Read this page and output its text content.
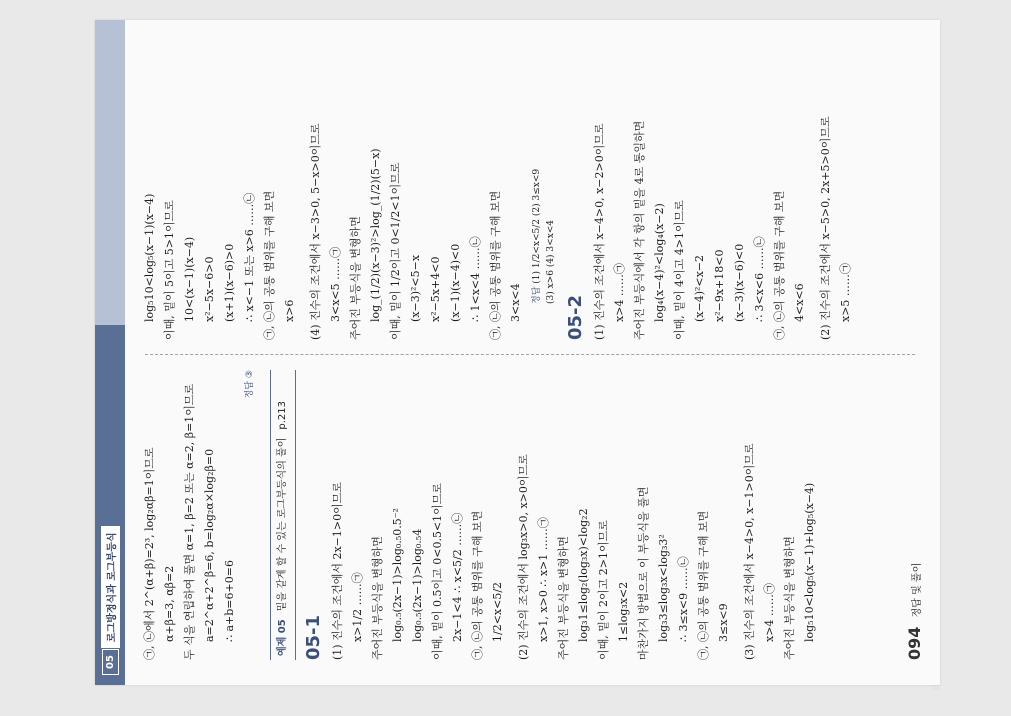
05
로그방정식과 로그부등식 ㉠, ㉡에서 2^(α+β)=2³, log₂αβ=1이므로 α+β=3, αβ=2 두 식을 연립하여 풀면 α=1, β=2 또는 α=2, β=1이므로 a=2^α+2^β=6, b=log₂α×log₂β=0 ∴ a+b=6+0=6
정답 ③
예제 05
밑을 같게 할 수 있는 로그부등식의 풀이
p.213
05-1 (1) 진수의 조건에서 2x−1>0이므로 x>1/2 ……㉠ 주어진 부등식을 변형하면 log₀.₅(2x−1)>log₀.₅0.5⁻² log₀.₅(2x−1)>log₀.₅4 이때, 밑이 0.5이고 0<0.5<1이므로 2x−1<4 ∴ x<5/2 ……㉡ ㉠, ㉡의 공통 범위를 구해 보면 1/2<x<5/2	(2) 진수의 조건에서 log₃x>0, x>0이므로 x>1, x>0 ∴ x>1 ……㉠ 주어진 부등식을 변형하면 log₃1≤log₂(log₃x)<log₂2 이때, 밑이 2이고 2>1이므로 1≤log₃x<2 마찬가지 방법으로 이 부등식을 풀면 log₃3≤log₃x<log₃3² ∴ 3≤x<9 ……㉡ ㉠, ㉡의 공통 범위를 구해 보면 3≤x<9	(3) 진수의 조건에서 x−4>0, x−1>0이므로 x>4 ……㉠ 주어진 부등식을 변형하면 log₅10<log₅(x−1)+log₅(x−4)
log₅10<log₅(x−1)(x−4) 이때, 밑이 5이고 5>1이므로 10<(x−1)(x−4) x²−5x−6>0 (x+1)(x−6)>0 ∴ x<−1 또는 x>6 ……㉡ ㉠, ㉡의 공통 범위를 구해 보면 x>6	(4) 진수의 조건에서 x−3>0, 5−x>0이므로 3<x<5 ……㉠ 주어진 부등식을 변형하면 log_(1/2)(x−3)²>log_(1/2)(5−x) 이때, 밑이 1/2이고 0<1/2<1이므로 (x−3)²<5−x x²−5x+4<0 (x−1)(x−4)<0 ∴ 1<x<4 ……㉡ ㉠, ㉡의 공통 범위를 구해 보면 3<x<4	정답 (1) 1/2<x<5/2 (2) 3≤x<9 (3) x>6 (4) 3<x<4
05-2 (1) 진수의 조건에서 x−4>0, x−2>0이므로 x>4 ……㉠ 주어진 부등식에서 각 항의 밑을 4로 통일하면 log₄(x−4)²<log₄(x−2) 이때, 밑이 4이고 4>1이므로 (x−4)²<x−2 x²−9x+18<0 (x−3)(x−6)<0 ∴ 3<x<6 ……㉡ ㉠, ㉡의 공통 범위를 구해 보면 4<x<6	(2) 진수의 조건에서 x−5>0, 2x+5>0이므로 x>5 ……㉠
094 정답 및 풀이
